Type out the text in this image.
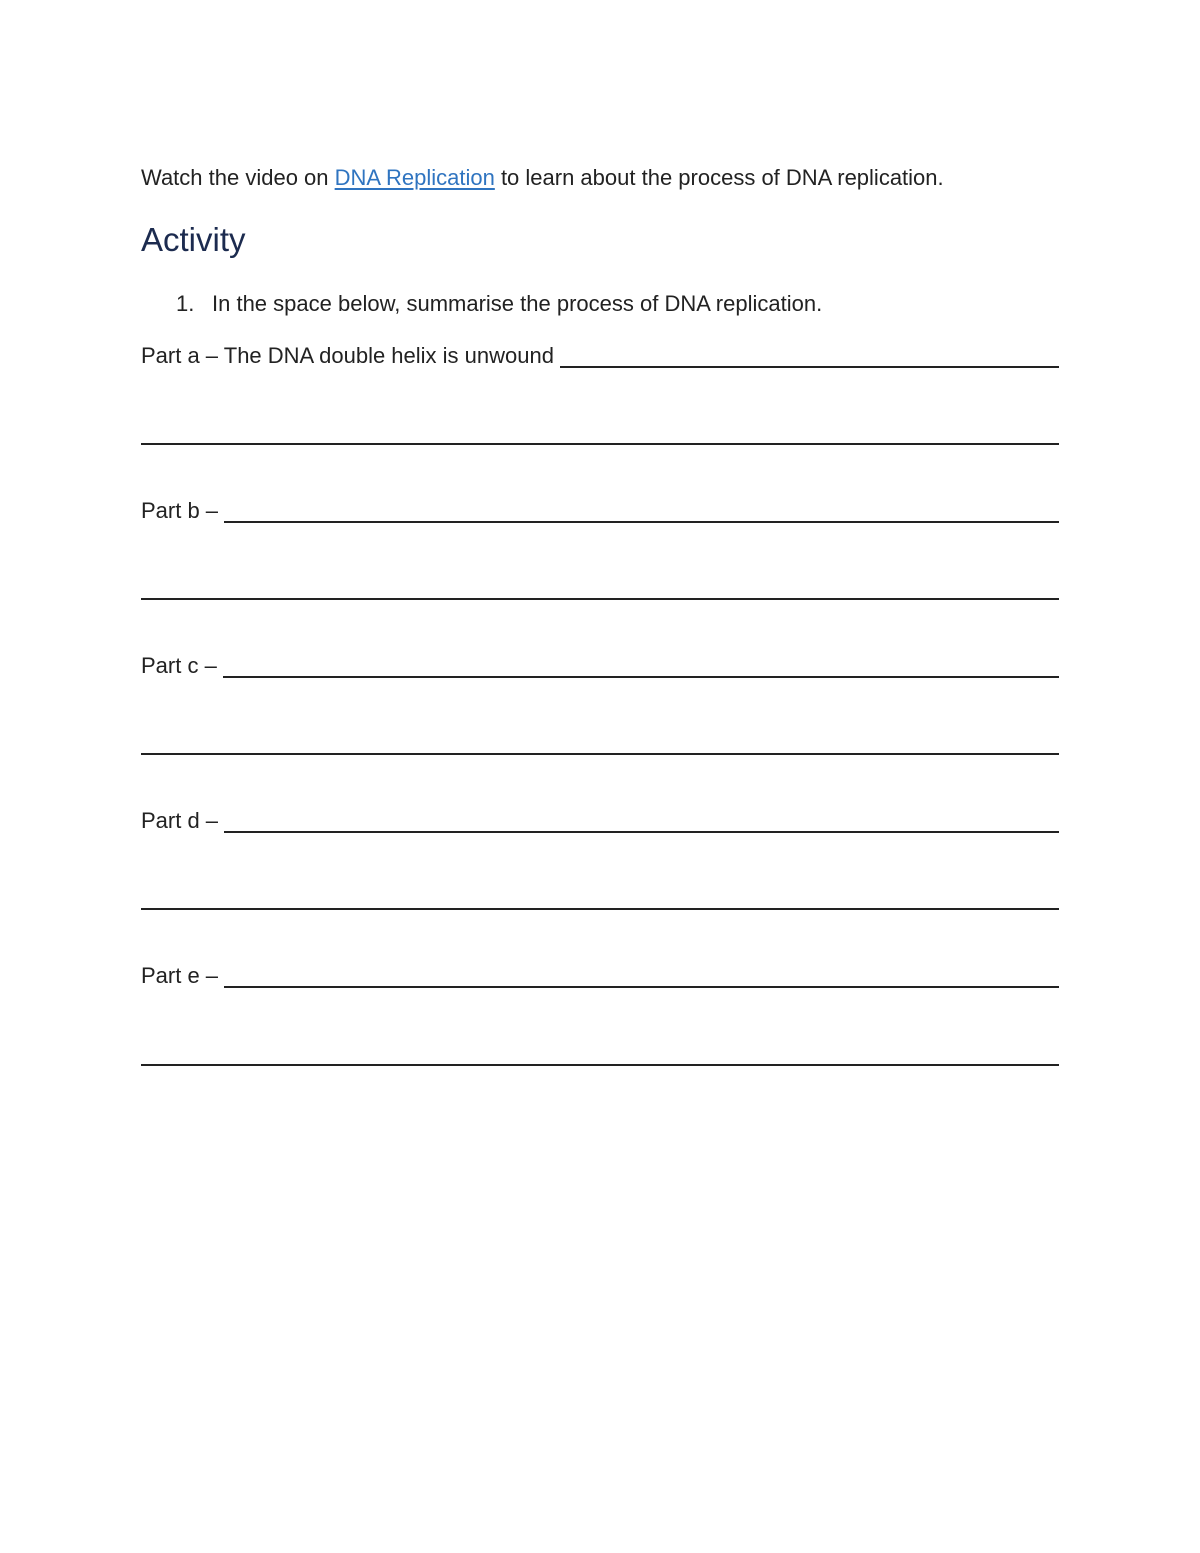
Watch the video on DNA Replication to learn about the process of DNA replication.
Activity
1. In the space below, summarise the process of DNA replication.
Part a – The DNA double helix is unwound
Part b –
Part c –
Part d –
Part e –
